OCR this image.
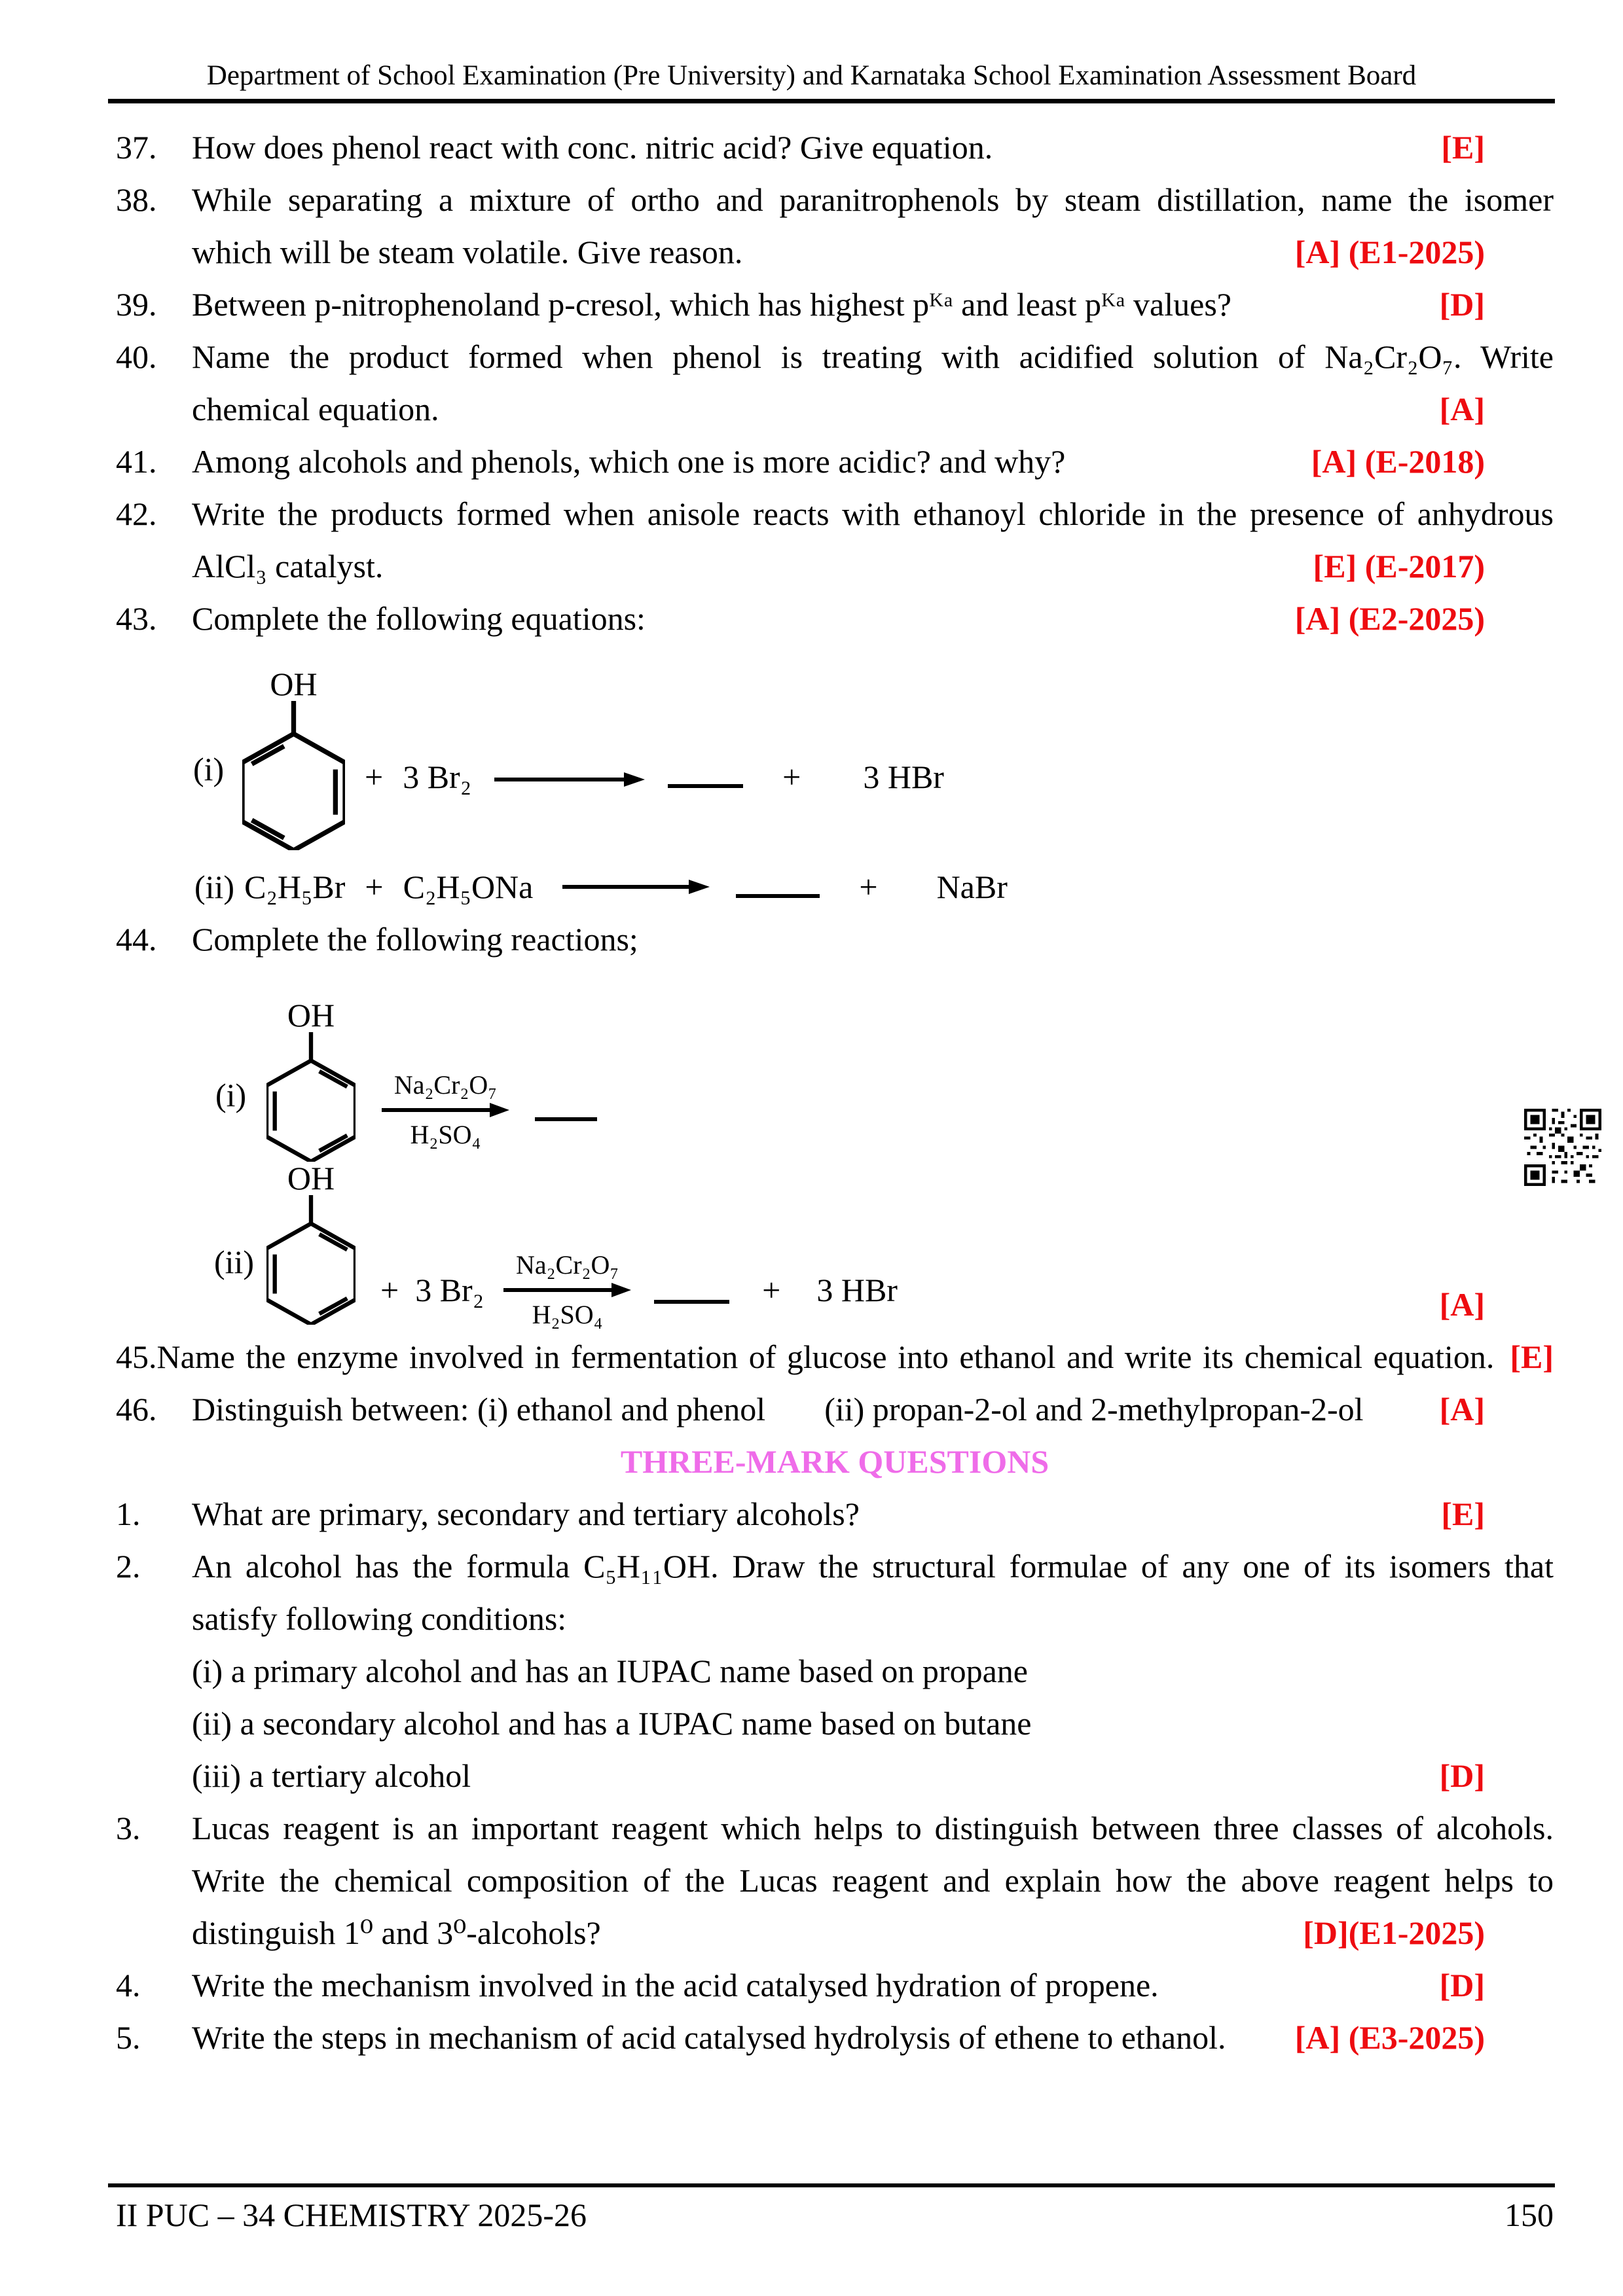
Department of School Examination (Pre University) and Karnataka School Examination Assessment Board
37.	How does phenol react with conc. nitric acid? Give equation.	[E]
38.	While separating a mixture of ortho and paranitrophenols by steam distillation, name the isomer
which will be steam volatile. Give reason.	[A] (E1-2025)
39.	Between p-nitrophenoland p-cresol, which has highest pᴷᵃ and least pᴷᵃ values?	[D]
40.	Name the product formed when phenol is treating with acidified solution of Na₂Cr₂O₇. Write
chemical equation.	[A]
41.	Among alcohols and phenols, which one is more acidic? and why?	[A] (E-2018)
42.	Write the products formed when anisole reacts with ethanoyl chloride in the presence of anhydrous
AlCl₃ catalyst.	[E] (E-2017)
43.	Complete the following equations:	[A] (E2-2025)
(i)
OH
+ 3 Br₂	+ 3 HBr
(ii) C₂H₅Br + C₂H₅ONa	+ NaBr
44.	Complete the following reactions;
(i)
OH
Na₂Cr₂O₇
H₂SO₄
(ii)
OH
+ 3 Br₂
Na₂Cr₂O₇
H₂SO₄
+ 3 HBr	[A]
45.Name the enzyme involved in fermentation of glucose into ethanol and write its chemical equation. [E]
46.	Distinguish between: (i) ethanol and phenol (ii) propan-2-ol and 2-methylpropan-2-ol	[A]
THREE-MARK QUESTIONS
1.	What are primary, secondary and tertiary alcohols?	[E]
2.	An alcohol has the formula C₅H₁₁OH. Draw the structural formulae of any one of its isomers that
satisfy following conditions:
(i) a primary alcohol and has an IUPAC name based on propane
(ii) a secondary alcohol and has a IUPAC name based on butane
(iii) a tertiary alcohol	[D]
3.	Lucas reagent is an important reagent which helps to distinguish between three classes of alcohols.
Write the chemical composition of the Lucas reagent and explain how the above reagent helps to
distinguish 1⁰ and 3⁰-alcohols?	[D](E1-2025)
4.	Write the mechanism involved in the acid catalysed hydration of propene.	[D]
5.	Write the steps in mechanism of acid catalysed hydrolysis of ethene to ethanol.	[A] (E3-2025)
II PUC – 34 CHEMISTRY 2025-26	150
